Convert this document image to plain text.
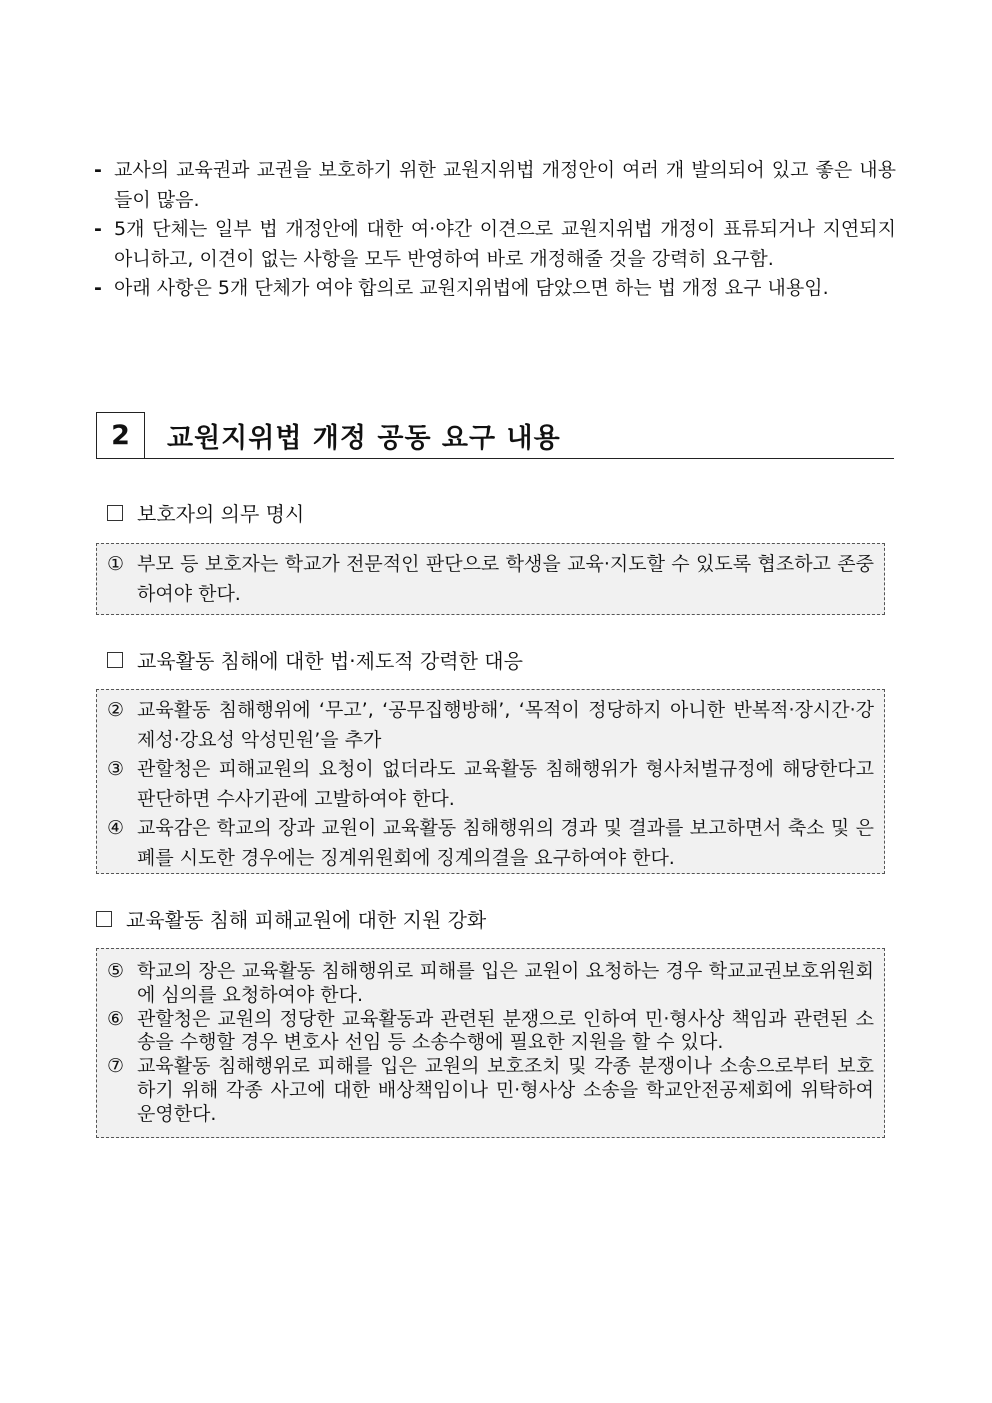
- 교사의 교육권과 교권을 보호하기 위한 교원지위법 개정안이 여러 개 발의되어 있고 좋은 내용들이 많음.
- 5개 단체는 일부 법 개정안에 대한 여·야간 이견으로 교원지위법 개정이 표류되거나 지연되지 아니하고, 이견이 없는 사항을 모두 반영하여 바로 개정해줄 것을 강력히 요구함.
- 아래 사항은 5개 단체가 여야 합의로 교원지위법에 담았으면 하는 법 개정 요구 내용임.
2	교원지위법 개정 공동 요구 내용
보호자의 의무 명시
① 부모 등 보호자는 학교가 전문적인 판단으로 학생을 교육·지도할 수 있도록 협조하고 존중하여야 한다.
교육활동 침해에 대한 법·제도적 강력한 대응
② 교육활동 침해행위에 ‘무고’, ‘공무집행방해’, ‘목적이 정당하지 아니한 반복적·장시간·강제성·강요성 악성민원’을 추가
③ 관할청은 피해교원의 요청이 없더라도 교육활동 침해행위가 형사처벌규정에 해당한다고 판단하면 수사기관에 고발하여야 한다.
④ 교육감은 학교의 장과 교원이 교육활동 침해행위의 경과 및 결과를 보고하면서 축소 및 은폐를 시도한 경우에는 징계위원회에 징계의결을 요구하여야 한다.
교육활동 침해 피해교원에 대한 지원 강화
⑤ 학교의 장은 교육활동 침해행위로 피해를 입은 교원이 요청하는 경우 학교교권보호위원회에 심의를 요청하여야 한다.
⑥ 관할청은 교원의 정당한 교육활동과 관련된 분쟁으로 인하여 민·형사상 책임과 관련된 소송을 수행할 경우 변호사 선임 등 소송수행에 필요한 지원을 할 수 있다.
⑦ 교육활동 침해행위로 피해를 입은 교원의 보호조치 및 각종 분쟁이나 소송으로부터 보호하기 위해 각종 사고에 대한 배상책임이나 민·형사상 소송을 학교안전공제회에 위탁하여 운영한다.
